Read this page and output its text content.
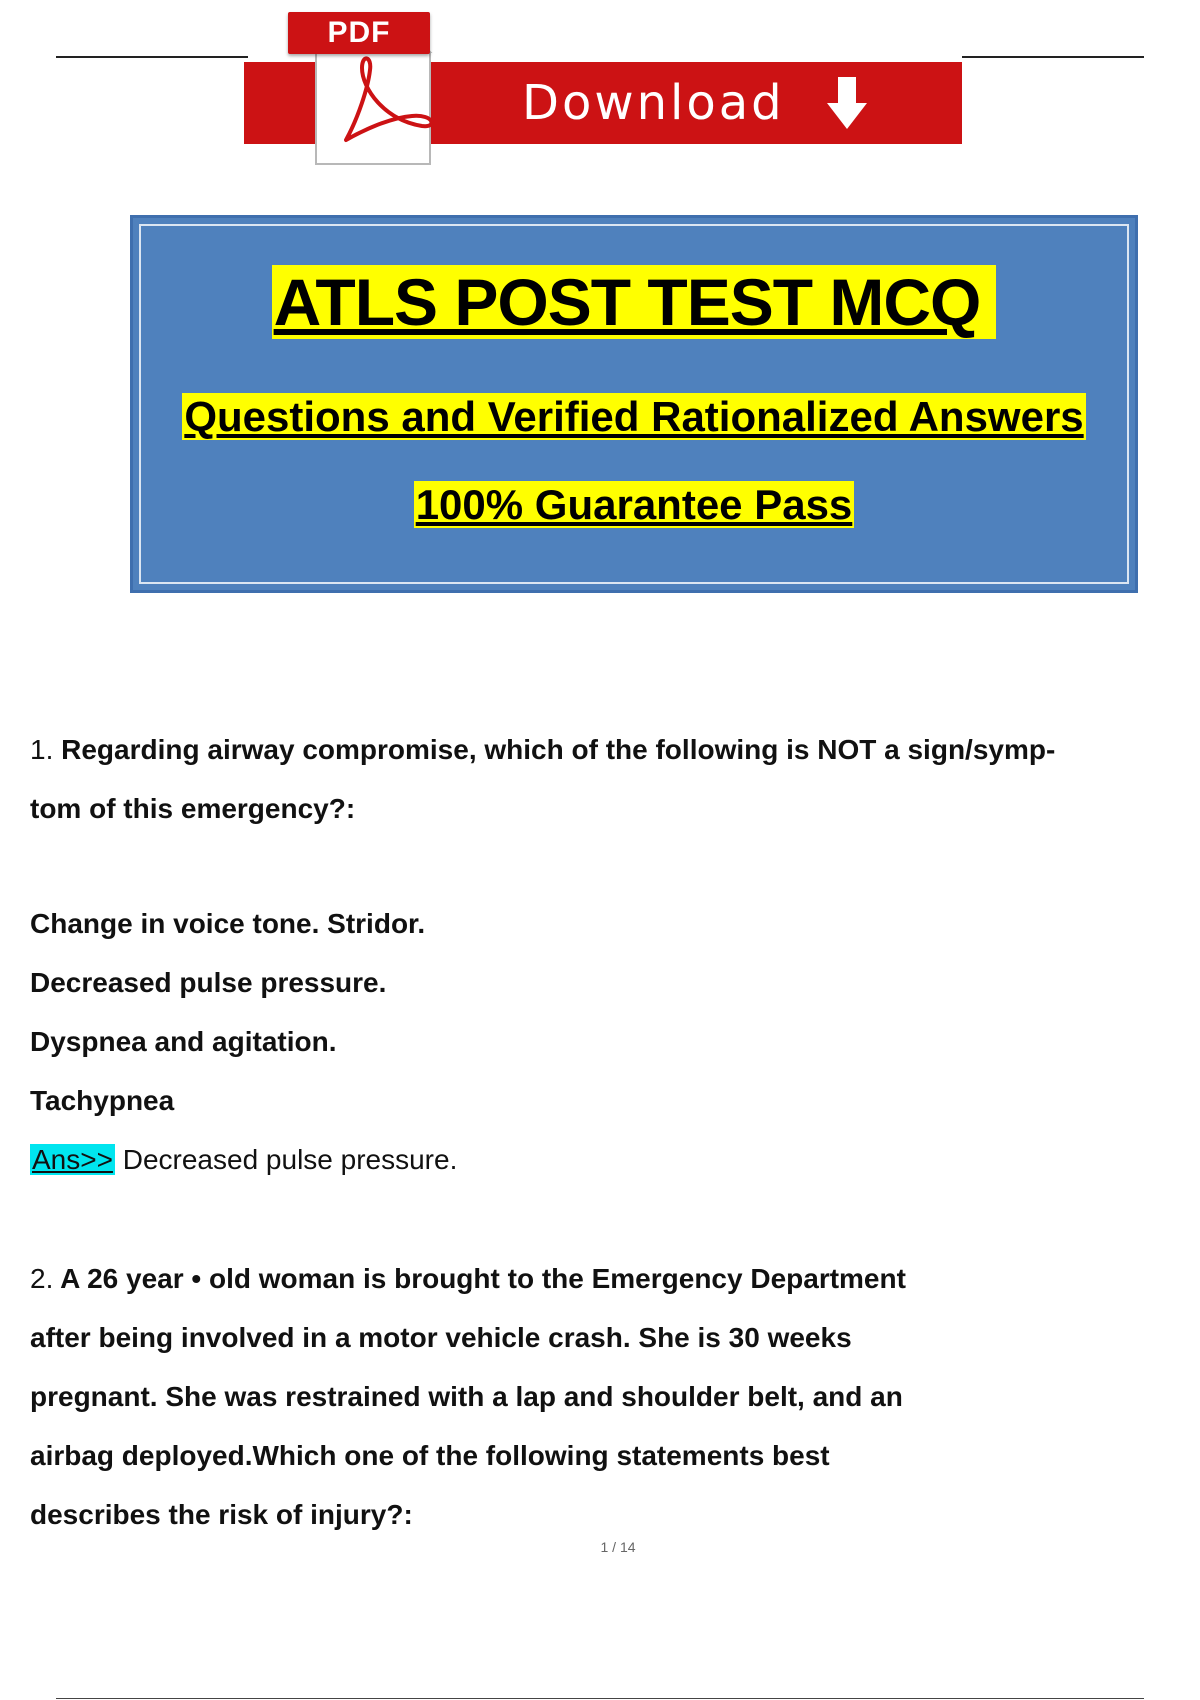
Download
PDF
ATLS POST TEST MCQ
Questions and Verified Rationalized Answers
100% Guarantee Pass

1. Regarding airway compromise, which of the following is NOT a sign/symp-

tom of this emergency?:

Change in voice tone. Stridor.

Decreased pulse pressure.

Dyspnea and agitation.

Tachypnea

Ans>> Decreased pulse pressure.

2. A 26 year • old woman is brought to the Emergency Department

after being involved in a motor vehicle crash. She is 30 weeks

pregnant. She was restrained with a lap and shoulder belt, and an

airbag deployed.Which one of the following statements best

describes the risk of injury?:

1 / 14
